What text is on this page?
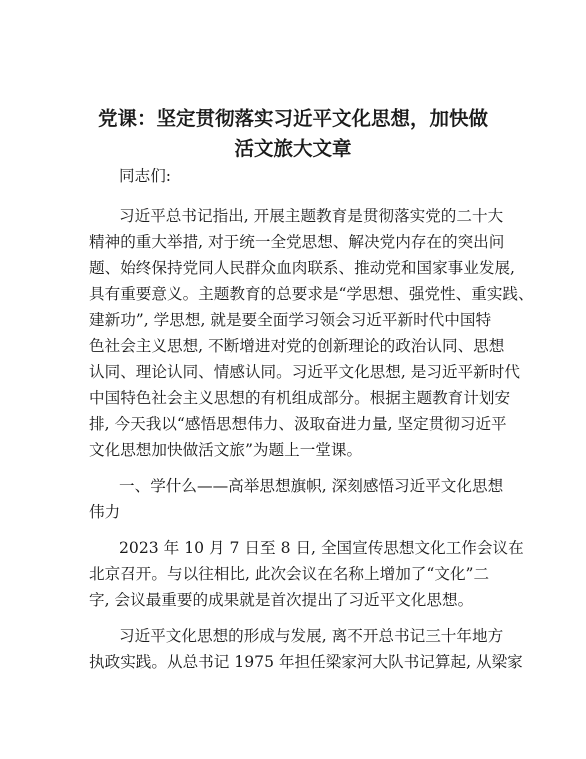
党课：坚定贯彻落实习近平文化思想，加快做
活文旅大文章

同志们:

习近平总书记指出, 开展主题教育是贯彻落实党的二十大

精神的重大举措, 对于统一全党思想、解决党内存在的突出问

题、始终保持党同人民群众血肉联系、推动党和国家事业发展,

具有重要意义。主题教育的总要求是“学思想、强党性、重实践、

建新功”, 学思想, 就是要全面学习领会习近平新时代中国特

色社会主义思想, 不断增进对党的创新理论的政治认同、思想

认同、理论认同、情感认同。习近平文化思想, 是习近平新时代

中国特色社会主义思想的有机组成部分。根据主题教育计划安

排, 今天我以“感悟思想伟力、汲取奋进力量, 坚定贯彻习近平

文化思想加快做活文旅”为题上一堂课。

一、学什么——高举思想旗帜, 深刻感悟习近平文化思想

伟力

2023 年 10 月 7 日至 8 日, 全国宣传思想文化工作会议在

北京召开。与以往相比, 此次会议在名称上增加了“文化”二

字, 会议最重要的成果就是首次提出了习近平文化思想。

习近平文化思想的形成与发展, 离不开总书记三十年地方

执政实践。从总书记 1975 年担任梁家河大队书记算起, 从梁家
